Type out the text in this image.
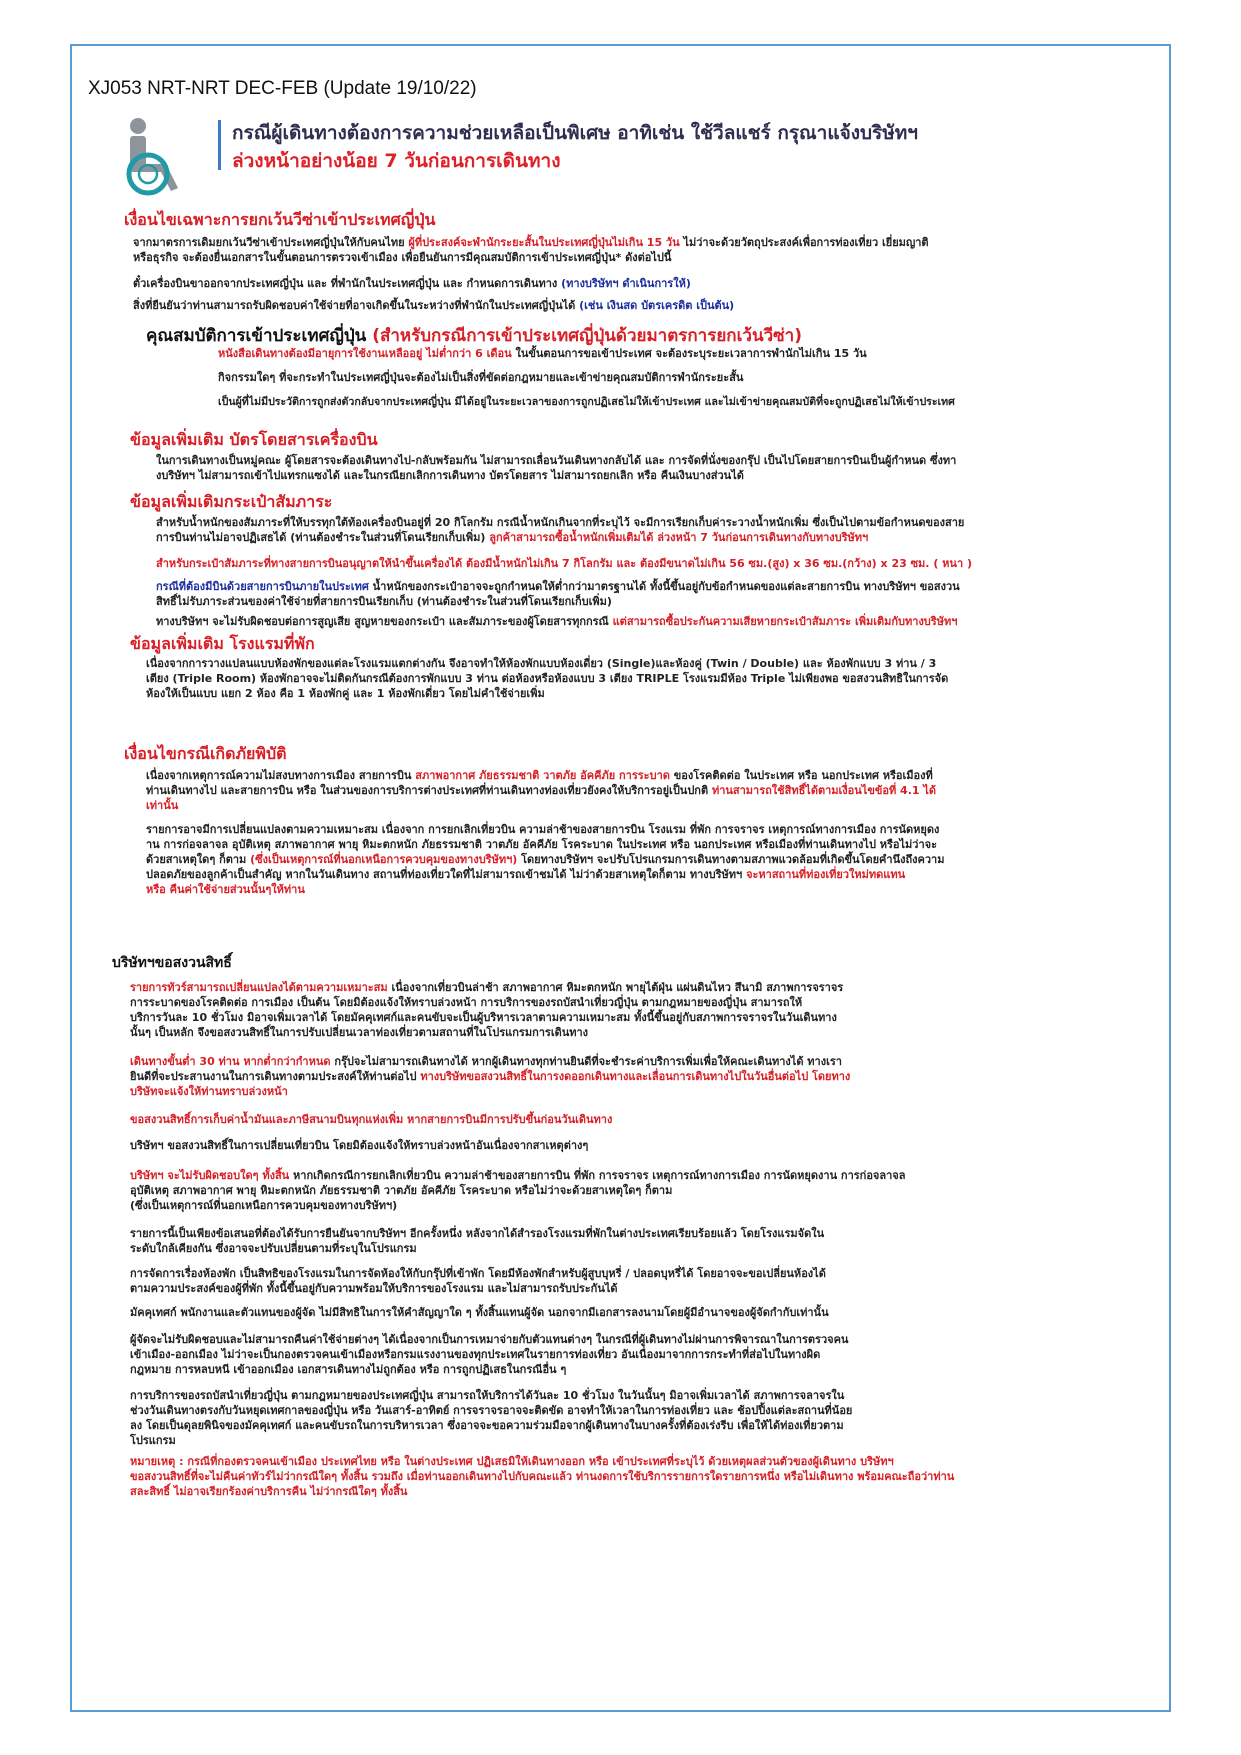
XJ053 NRT-NRT DEC-FEB (Update 19/10/22)
กรณีผู้เดินทางต้องการความช่วยเหลือเป็นพิเศษ อาทิเช่น ใช้วีลแชร์ กรุณาแจ้งบริษัทฯ
ล่วงหน้าอย่างน้อย 7 วันก่อนการเดินทาง
เงื่อนไขเฉพาะการยกเว้นวีซ่าเข้าประเทศญี่ปุ่น
จากมาตรการเดิมยกเว้นวีซ่าเข้าประเทศญี่ปุ่นให้กับคนไทย ผู้ที่ประสงค์จะพำนักระยะสั้นในประเทศญี่ปุ่นไม่เกิน 15 วัน ไม่ว่าจะด้วยวัตถุประสงค์เพื่อการท่องเที่ยว เยี่ยมญาติ
หรือธุรกิจ จะต้องยื่นเอกสารในขั้นตอนการตรวจเข้าเมือง เพื่อยืนยันการมีคุณสมบัติการเข้าประเทศญี่ปุ่น* ดังต่อไปนี้
ตั๋วเครื่องบินขาออกจากประเทศญี่ปุ่น และ ที่พำนักในประเทศญี่ปุ่น และ กำหนดการเดินทาง (ทางบริษัทฯ ดำเนินการให้)
สิ่งที่ยืนยันว่าท่านสามารถรับผิดชอบค่าใช้จ่ายที่อาจเกิดขึ้นในระหว่างที่พำนักในประเทศญี่ปุ่นได้ (เช่น เงินสด บัตรเครดิต เป็นต้น)
คุณสมบัติการเข้าประเทศญี่ปุ่น (สำหรับกรณีการเข้าประเทศญี่ปุ่นด้วยมาตรการยกเว้นวีซ่า)
หนังสือเดินทางต้องมีอายุการใช้งานเหลืออยู่ ไม่ต่ำกว่า 6 เดือน ในขั้นตอนการขอเข้าประเทศ จะต้องระบุระยะเวลาการพำนักไม่เกิน 15 วัน
กิจกรรมใดๆ ที่จะกระทำในประเทศญี่ปุ่นจะต้องไม่เป็นสิ่งที่ขัดต่อกฎหมายและเข้าข่ายคุณสมบัติการพำนักระยะสั้น
เป็นผู้ที่ไม่มีประวัติการถูกส่งตัวกลับจากประเทศญี่ปุ่น มีได้อยู่ในระยะเวลาของการถูกปฏิเสธไม่ให้เข้าประเทศ และไม่เข้าข่ายคุณสมบัติที่จะถูกปฏิเสธไม่ให้เข้าประเทศ
ข้อมูลเพิ่มเติม บัตรโดยสารเครื่องบิน
ในการเดินทางเป็นหมู่คณะ ผู้โดยสารจะต้องเดินทางไป-กลับพร้อมกัน ไม่สามารถเลื่อนวันเดินทางกลับได้ และ การจัดที่นั่งของกรุ๊ป เป็นไปโดยสายการบินเป็นผู้กำหนด ซึ่งทา
งบริษัทฯ ไม่สามารถเข้าไปแทรกแซงได้ และในกรณียกเลิกการเดินทาง บัตรโดยสาร ไม่สามารถยกเลิก หรือ คืนเงินบางส่วนได้
ข้อมูลเพิ่มเติมกระเป๋าสัมภาระ
สำหรับน้ำหนักของสัมภาระที่ให้บรรทุกใต้ท้องเครื่องบินอยู่ที่ 20 กิโลกรัม กรณีน้ำหนักเกินจากที่ระบุไว้ จะมีการเรียกเก็บค่าระวางน้ำหนักเพิ่ม ซึ่งเป็นไปตามข้อกำหนดของสาย
การบินท่านไม่อาจปฏิเสธได้ (ท่านต้องชำระในส่วนที่โดนเรียกเก็บเพิ่ม) ลูกค้าสามารถซื้อน้ำหนักเพิ่มเติมได้ ล่วงหน้า 7 วันก่อนการเดินทางกับทางบริษัทฯ
สำหรับกระเป๋าสัมภาระที่ทางสายการบินอนุญาตให้นำขึ้นเครื่องได้ ต้องมีน้ำหนักไม่เกิน 7 กิโลกรัม และ ต้องมีขนาดไม่เกิน 56 ซม.(สูง) x 36 ซม.(กว้าง) x 23 ซม. ( หนา )
กรณีที่ต้องมีบินด้วยสายการบินภายในประเทศ น้ำหนักของกระเป๋าอาจจะถูกกำหนดให้ต่ำกว่ามาตรฐานได้ ทั้งนี้ขึ้นอยู่กับข้อกำหนดของแต่ละสายการบิน ทางบริษัทฯ ขอสงวน
สิทธิ์ไม่รับภาระส่วนของค่าใช้จ่ายที่สายการบินเรียกเก็บ (ท่านต้องชำระในส่วนที่โดนเรียกเก็บเพิ่ม)
ทางบริษัทฯ จะไม่รับผิดชอบต่อการสูญเสีย สูญหายของกระเป๋า และสัมภาระของผู้โดยสารทุกกรณี แต่สามารถซื้อประกันความเสียหายกระเป๋าสัมภาระ เพิ่มเติมกับทางบริษัทฯ
ข้อมูลเพิ่มเติม โรงแรมที่พัก
เนื่องจากการวางแปลนแบบห้องพักของแต่ละโรงแรมแตกต่างกัน จึงอาจทำให้ห้องพักแบบห้องเดี่ยว (Single)และห้องคู่ (Twin / Double) และ ห้องพักแบบ 3 ท่าน / 3
เตียง (Triple Room) ห้องพักอาจจะไม่ติดกันกรณีต้องการพักแบบ 3 ท่าน ต่อห้องหรือห้องแบบ 3 เตียง TRIPLE โรงแรมมีห้อง Triple ไม่เพียงพอ ขอสงวนสิทธิในการจัด
ห้องให้เป็นแบบ แยก 2 ห้อง คือ 1 ห้องพักคู่ และ 1 ห้องพักเดี่ยว โดยไม่คำใช้จ่ายเพิ่ม
เงื่อนไขกรณีเกิดภัยพิบัติ
เนื่องจากเหตุการณ์ความไม่สงบทางการเมือง สายการบิน สภาพอากาศ ภัยธรรมชาติ วาตภัย อัคคีภัย การระบาด ของโรคติดต่อ ในประเทศ หรือ นอกประเทศ หรือเมืองที่
ท่านเดินทางไป และสายการบิน หรือ ในส่วนของการบริการต่างประเทศที่ท่านเดินทางท่องเที่ยวยังคงให้บริการอยู่เป็นปกติ ท่านสามารถใช้สิทธิ์ได้ตามเงื่อนไขข้อที่ 4.1 ได้
เท่านั้น
รายการอาจมีการเปลี่ยนแปลงตามความเหมาะสม เนื่องจาก การยกเลิกเที่ยวบิน ความล่าช้าของสายการบิน โรงแรม ที่พัก การจราจร เหตุการณ์ทางการเมือง การนัดหยุดง
าน การก่อจลาจล อุบัติเหตุ สภาพอากาศ พายุ หิมะตกหนัก ภัยธรรมชาติ วาตภัย อัคคีภัย โรคระบาด ในประเทศ หรือ นอกประเทศ หรือเมืองที่ท่านเดินทางไป หรือไม่ว่าจะ
ด้วยสาเหตุใดๆ ก็ตาม (ซึ่งเป็นเหตุการณ์ที่นอกเหนือการควบคุมของทางบริษัทฯ) โดยทางบริษัทฯ จะปรับโปรแกรมการเดินทางตามสภาพแวดล้อมที่เกิดขึ้นโดยคำนึงถึงความ
ปลอดภัยของลูกค้าเป็นสำคัญ หากในวันเดินทาง สถานที่ท่องเที่ยวใดที่ไม่สามารถเข้าชมได้ ไม่ว่าด้วยสาเหตุใดก็ตาม ทางบริษัทฯ จะหาสถานที่ท่องเที่ยวใหม่ทดแทน
หรือ คืนค่าใช้จ่ายส่วนนั้นๆให้ท่าน
บริษัทฯขอสงวนสิทธิ์
รายการทัวร์สามารถเปลี่ยนแปลงได้ตามความเหมาะสม เนื่องจากเที่ยวบินล่าช้า สภาพอากาศ หิมะตกหนัก พายุไต้ฝุ่น แผ่นดินไหว สึนามิ สภาพการจราจร
การระบาดของโรคติดต่อ การเมือง เป็นต้น โดยมิต้องแจ้งให้ทราบล่วงหน้า การบริการของรถบัสนำเที่ยวญี่ปุ่น ตามกฎหมายของญี่ปุ่น สามารถให้
บริการวันละ 10 ชั่วโมง มิอาจเพิ่มเวลาได้ โดยมัคคุเทศก์และคนขับจะเป็นผู้บริหารเวลาตามความเหมาะสม ทั้งนี้ขึ้นอยู่กับสภาพการจราจรในวันเดินทาง
นั้นๆ เป็นหลัก จึงขอสงวนสิทธิ์ในการปรับเปลี่ยนเวลาท่องเที่ยวตามสถานที่ในโปรแกรมการเดินทาง
เดินทางขั้นต่ำ 30 ท่าน หากต่ำกว่ากำหนด กรุ๊ปจะไม่สามารถเดินทางได้ หากผู้เดินทางทุกท่านยินดีที่จะชำระค่าบริการเพิ่มเพื่อให้คณะเดินทางได้ ทางเรา
ยินดีที่จะประสานงานในการเดินทางตามประสงค์ให้ท่านต่อไป ทางบริษัทขอสงวนสิทธิ์ในการงดออกเดินทางและเลื่อนการเดินทางไปในวันอื่นต่อไป โดยทาง
บริษัทจะแจ้งให้ท่านทราบล่วงหน้า
ขอสงวนสิทธิ์การเก็บค่าน้ำมันและภาษีสนามบินทุกแห่งเพิ่ม หากสายการบินมีการปรับขึ้นก่อนวันเดินทาง
บริษัทฯ ขอสงวนสิทธิ์ในการเปลี่ยนเที่ยวบิน โดยมิต้องแจ้งให้ทราบล่วงหน้าอันเนื่องจากสาเหตุต่างๆ
บริษัทฯ จะไม่รับผิดชอบใดๆ ทั้งสิ้น หากเกิดกรณีการยกเลิกเที่ยวบิน ความล่าช้าของสายการบิน ที่พัก การจราจร เหตุการณ์ทางการเมือง การนัดหยุดงาน การก่อจลาจล
อุบัติเหตุ สภาพอากาศ พายุ หิมะตกหนัก ภัยธรรมชาติ วาตภัย อัคคีภัย โรคระบาด หรือไม่ว่าจะด้วยสาเหตุใดๆ ก็ตาม
(ซึ่งเป็นเหตุการณ์ที่นอกเหนือการควบคุมของทางบริษัทฯ)
รายการนี้เป็นเพียงข้อเสนอที่ต้องได้รับการยืนยันจากบริษัทฯ อีกครั้งหนึ่ง หลังจากได้สำรองโรงแรมที่พักในต่างประเทศเรียบร้อยแล้ว โดยโรงแรมจัดใน
ระดับใกล้เคียงกัน ซึ่งอาจจะปรับเปลี่ยนตามที่ระบุในโปรแกรม
การจัดการเรื่องห้องพัก เป็นสิทธิของโรงแรมในการจัดห้องให้กับกรุ๊ปที่เข้าพัก โดยมีห้องพักสำหรับผู้สูบบุหรี่ / ปลอดบุหรี่ได้ โดยอาจจะขอเปลี่ยนห้องได้
ตามความประสงค์ของผู้ที่พัก ทั้งนี้ขึ้นอยู่กับความพร้อมให้บริการของโรงแรม และไม่สามารถรับประกันได้
มัคคุเทศก์ พนักงานและตัวแทนของผู้จัด ไม่มีสิทธิในการให้คำสัญญาใด ๆ ทั้งสิ้นแทนผู้จัด นอกจากมีเอกสารลงนามโดยผู้มีอำนาจของผู้จัดกำกับเท่านั้น
ผู้จัดจะไม่รับผิดชอบและไม่สามารถคืนค่าใช้จ่ายต่างๆ ได้เนื่องจากเป็นการเหมาจ่ายกับตัวแทนต่างๆ ในกรณีที่ผู้เดินทางไม่ผ่านการพิจารณาในการตรวจคน
เข้าเมือง-ออกเมือง ไม่ว่าจะเป็นกองตรวจคนเข้าเมืองหรือกรมแรงงานของทุกประเทศในรายการท่องเที่ยว อันเนื่องมาจากการกระทำที่ส่อไปในทางผิด
กฎหมาย การหลบหนี เข้าออกเมือง เอกสารเดินทางไม่ถูกต้อง หรือ การถูกปฏิเสธในกรณีอื่น ๆ
การบริการของรถบัสนำเที่ยวญี่ปุ่น ตามกฎหมายของประเทศญี่ปุ่น สามารถให้บริการได้วันละ 10 ชั่วโมง ในวันนั้นๆ มิอาจเพิ่มเวลาได้ สภาพการจลาจรใน
ช่วงวันเดินทางตรงกับวันหยุดเทศกาลของญี่ปุ่น หรือ วันเสาร์-อาทิตย์ การจราจรอาจจะติดขัด อาจทำให้เวลาในการท่องเที่ยว และ ช้อปปิ้งแต่ละสถานที่น้อย
ลง โดยเป็นดุลยพินิจของมัคคุเทศก์ และคนขับรถในการบริหารเวลา ซึ่งอาจจะขอความร่วมมือจากผู้เดินทางในบางครั้งที่ต้องเร่งรีบ เพื่อให้ได้ท่องเที่ยวตาม
โปรแกรม
หมายเหตุ : กรณีที่กองตรวจคนเข้าเมือง ประเทศไทย หรือ ในต่างประเทศ ปฏิเสธมิให้เดินทางออก หรือ เข้าประเทศที่ระบุไว้ ด้วยเหตุผลส่วนตัวของผู้เดินทาง บริษัทฯ
ขอสงวนสิทธิ์ที่จะไม่คืนค่าทัวร์ไม่ว่ากรณีใดๆ ทั้งสิ้น รวมถึง เมื่อท่านออกเดินทางไปกับคณะแล้ว ท่านงดการใช้บริการรายการใดรายการหนึ่ง หรือไม่เดินทาง พร้อมคณะถือว่าท่าน
สละสิทธิ์ ไม่อาจเรียกร้องค่าบริการคืน ไม่ว่ากรณีใดๆ ทั้งสิ้น
